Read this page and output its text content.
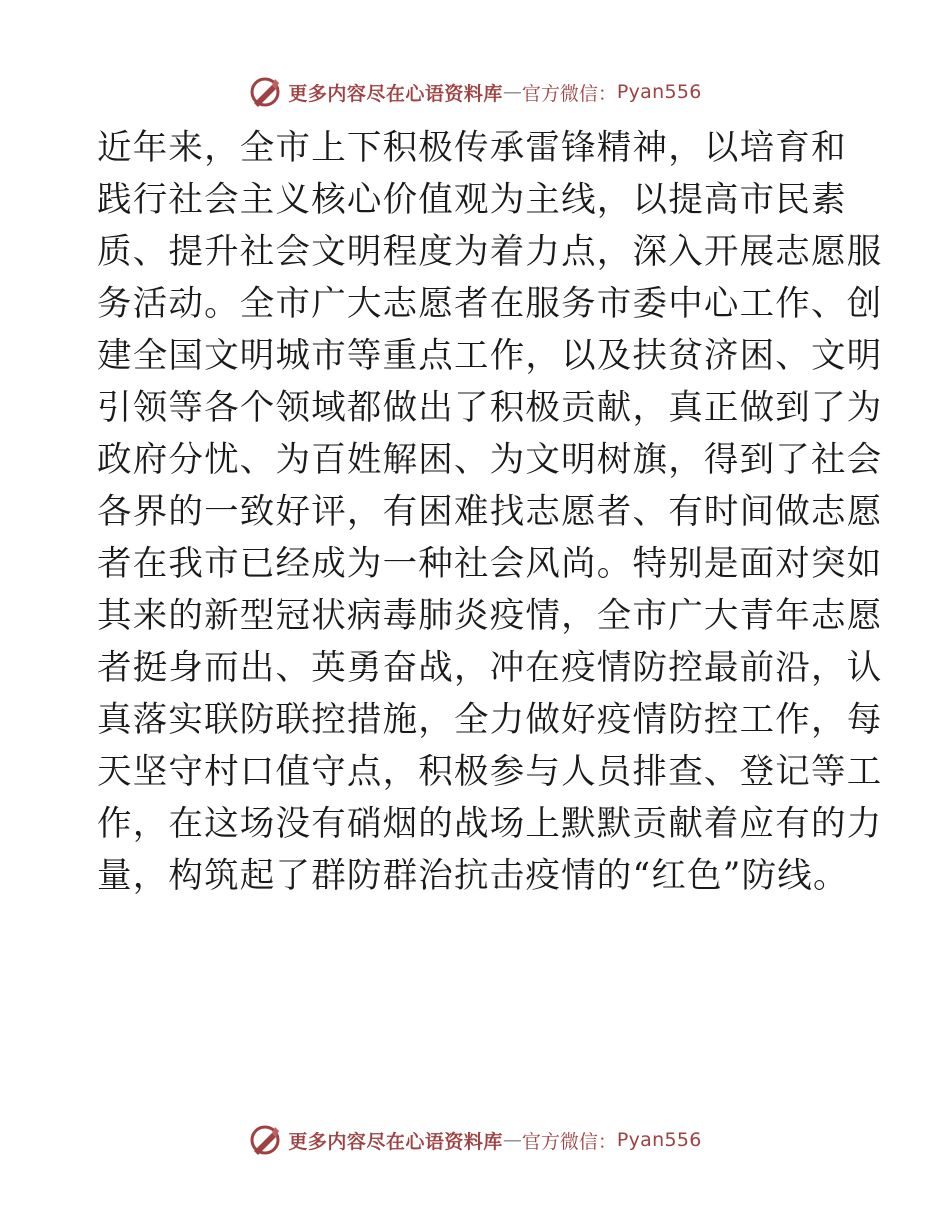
更多内容尽在心语资料库 — 官方微信： Pyan556
近年来，全市上下积极传承雷锋精神，以培育和
践行社会主义核心价值观为主线，以提高市民素
质、提升社会文明程度为着力点，深入开展志愿服
务活动。全市广大志愿者在服务市委中心工作、创
建全国文明城市等重点工作，以及扶贫济困、文明
引领等各个领域都做出了积极贡献，真正做到了为
政府分忧、为百姓解困、为文明树旗，得到了社会
各界的一致好评，有困难找志愿者、有时间做志愿
者在我市已经成为一种社会风尚。特别是面对突如
其来的新型冠状病毒肺炎疫情，全市广大青年志愿
者挺身而出、英勇奋战，冲在疫情防控最前沿，认
真落实联防联控措施，全力做好疫情防控工作，每
天坚守村口值守点，积极参与人员排查、登记等工
作，在这场没有硝烟的战场上默默贡献着应有的力
量，构筑起了群防群治抗击疫情的“红色”防线。
更多内容尽在心语资料库 — 官方微信： Pyan556
